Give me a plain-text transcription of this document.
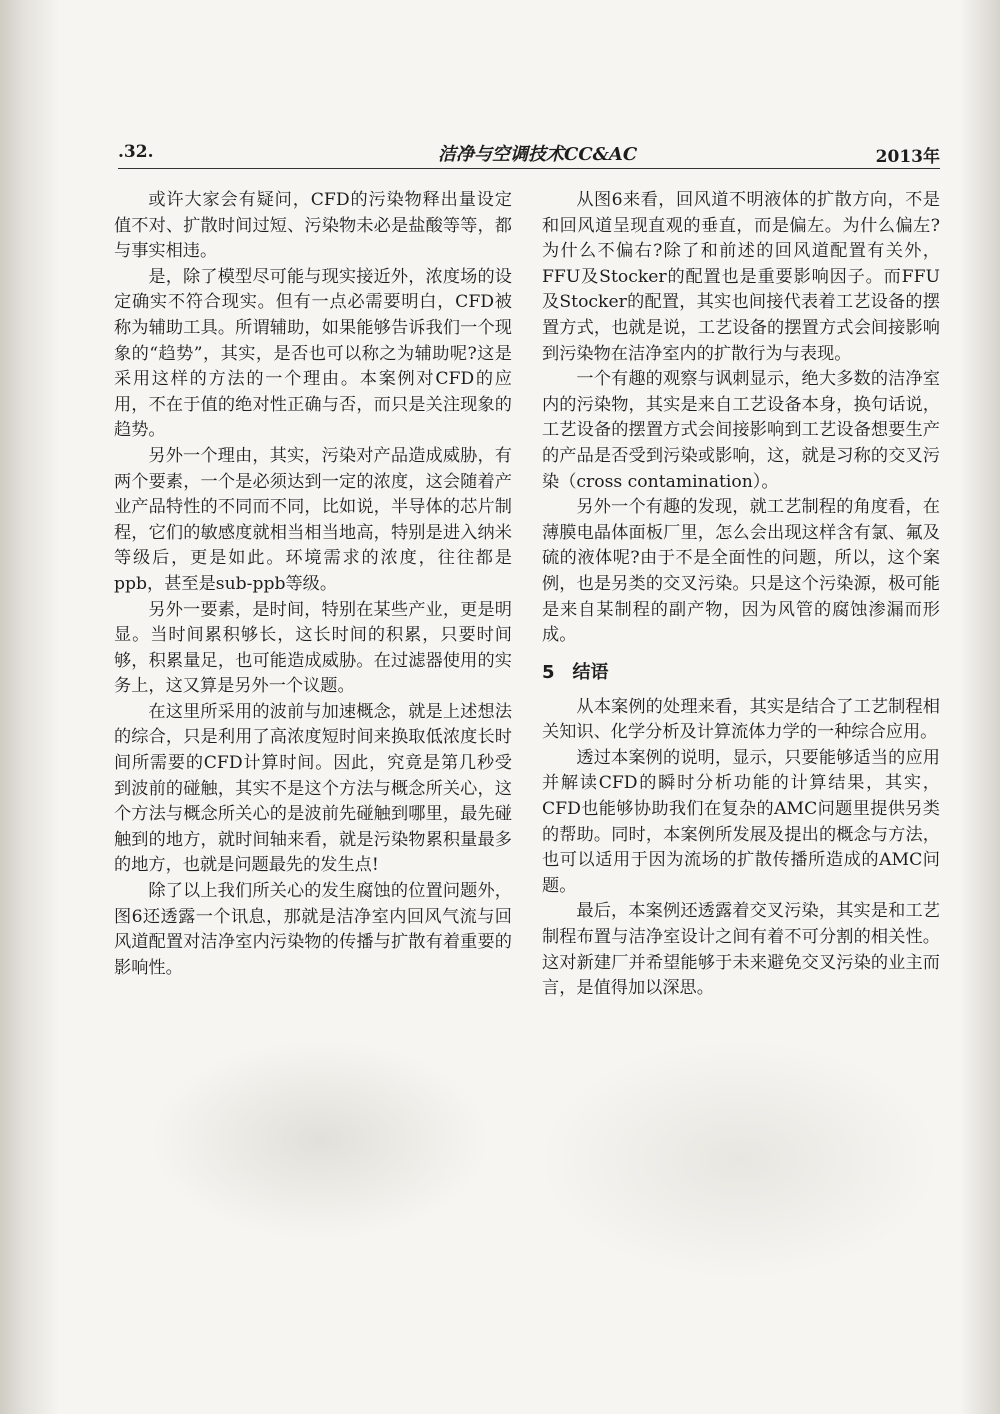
.32.	洁净与空调技术CC&AC	2013年

或许大家会有疑问，CFD的污染物释出量设定值不对、扩散时间过短、污染物未必是盐酸等等，都与事实相违。

是，除了模型尽可能与现实接近外，浓度场的设定确实不符合现实。但有一点必需要明白，CFD被称为辅助工具。所谓辅助，如果能够告诉我们一个现象的“趋势”，其实，是否也可以称之为辅助呢?这是采用这样的方法的一个理由。本案例对CFD的应用，不在于值的绝对性正确与否，而只是关注现象的趋势。

另外一个理由，其实，污染对产品造成威胁，有两个要素，一个是必须达到一定的浓度，这会随着产业产品特性的不同而不同，比如说，半导体的芯片制程，它们的敏感度就相当相当地高，特别是进入纳米等级后，更是如此。环境需求的浓度，往往都是ppb，甚至是sub-ppb等级。

另外一要素，是时间，特别在某些产业，更是明显。当时间累积够长，这长时间的积累，只要时间够，积累量足，也可能造成威胁。在过滤器使用的实务上，这又算是另外一个议题。

在这里所采用的波前与加速概念，就是上述想法的综合，只是利用了高浓度短时间来换取低浓度长时间所需要的CFD计算时间。因此，究竟是第几秒受到波前的碰触，其实不是这个方法与概念所关心，这个方法与概念所关心的是波前先碰触到哪里，最先碰触到的地方，就时间轴来看，就是污染物累积量最多的地方，也就是问题最先的发生点!

除了以上我们所关心的发生腐蚀的位置问题外，图6还透露一个讯息，那就是洁净室内回风气流与回风道配置对洁净室内污染物的传播与扩散有着重要的影响性。

从图6来看，回风道不明液体的扩散方向，不是和回风道呈现直观的垂直，而是偏左。为什么偏左?为什么不偏右?除了和前述的回风道配置有关外，FFU及Stocker的配置也是重要影响因子。而FFU及Stocker的配置，其实也间接代表着工艺设备的摆置方式，也就是说，工艺设备的摆置方式会间接影响到污染物在洁净室内的扩散行为与表现。

一个有趣的观察与讽刺显示，绝大多数的洁净室内的污染物，其实是来自工艺设备本身，换句话说，工艺设备的摆置方式会间接影响到工艺设备想要生产的产品是否受到污染或影响，这，就是习称的交叉污染（cross contamination）。

另外一个有趣的发现，就工艺制程的角度看，在薄膜电晶体面板厂里，怎么会出现这样含有氯、氟及硫的液体呢?由于不是全面性的问题，所以，这个案例，也是另类的交叉污染。只是这个污染源，极可能是来自某制程的副产物，因为风管的腐蚀渗漏而形成。

5 结语

从本案例的处理来看，其实是结合了工艺制程相关知识、化学分析及计算流体力学的一种综合应用。

透过本案例的说明，显示，只要能够适当的应用并解读CFD的瞬时分析功能的计算结果，其实，CFD也能够协助我们在复杂的AMC问题里提供另类的帮助。同时，本案例所发展及提出的概念与方法，也可以适用于因为流场的扩散传播所造成的AMC问题。

最后，本案例还透露着交叉污染，其实是和工艺制程布置与洁净室设计之间有着不可分割的相关性。这对新建厂并希望能够于未来避免交叉污染的业主而言，是值得加以深思。
